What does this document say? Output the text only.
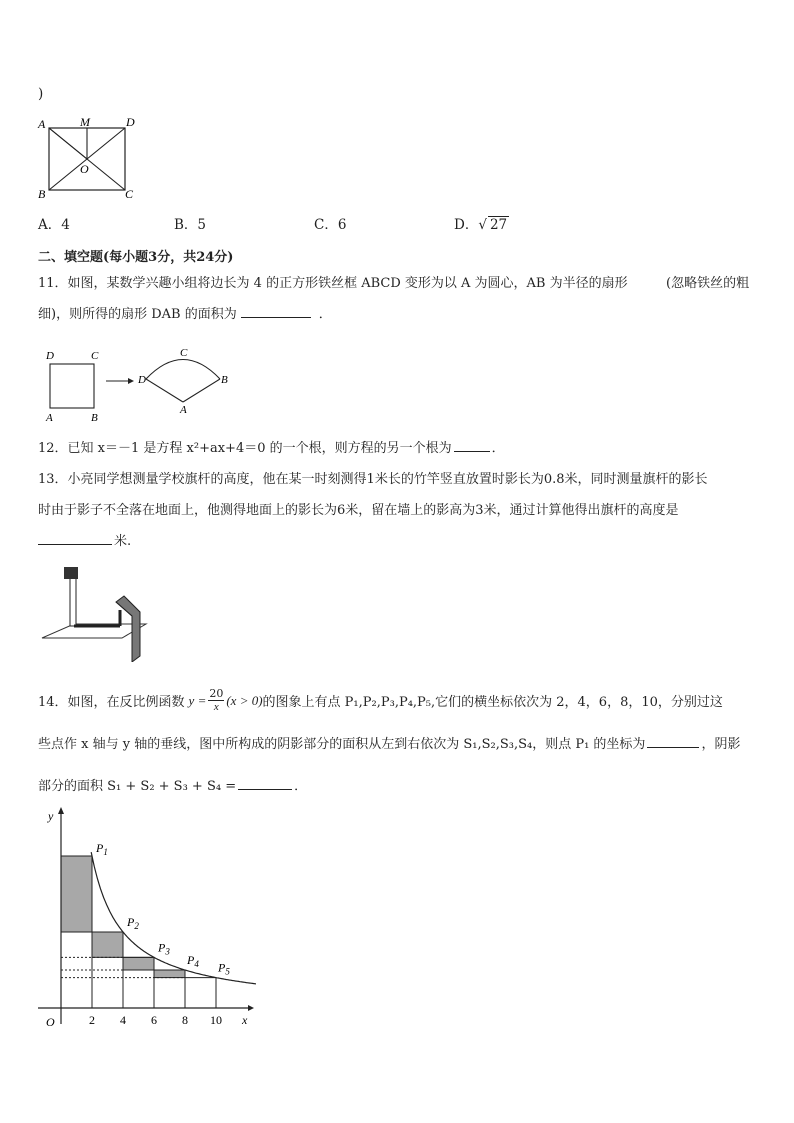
)
A	M	D
O
B	C
A．4	B．5	C．6	D．√ 27
二、填空题(每小题3分，共24分)
11．如图，某数学兴趣小组将边长为 4 的正方形铁丝框 ABCD 变形为以 A 为圆心，AB 为半径的扇形	(忽略铁丝的粗
细)，则所得的扇形 DAB 的面积为	．
D	C
A	B
D
C
B
A
12．已知 x＝－1 是方程 x²+ax+4＝0 的一个根，则方程的另一个根为	．
13．小亮同学想测量学校旗杆的高度，他在某一时刻测得1米长的竹竿竖直放置时影长为0.8米，同时测量旗杆的影长
时由于影子不全落在地面上，他测得地面上的影长为6米，留在墙上的影高为3米，通过计算他得出旗杆的高度是
米.
14．如图，在反比例函数 $y = \frac{20}{x} (x > 0)$ 的图象上有点 P₁,P₂,P₃,P₄,P₅,它们的横坐标依次为 2，4，6，8，10，分别过这
些点作 x 轴与 y 轴的垂线，图中所构成的阴影部分的面积从左到右依次为 S₁,S₂,S₃,S₄，则点 P₁ 的坐标为	，阴影
部分的面积 S₁ + S₂ + S₃ + S₄ =	．
y
x
O	2 4 6 8 10
$P_1$
$P_2$
$P_3$
$P_4$ $P_5$
